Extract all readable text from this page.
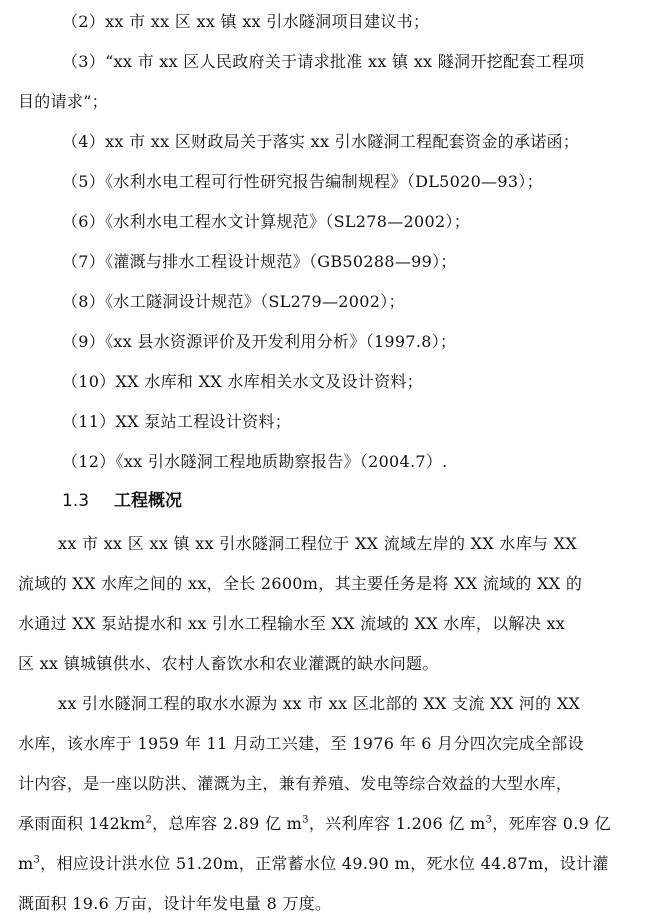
（2）xx 市 xx 区 xx 镇 xx 引水隧洞项目建议书；
（3）“xx 市 xx 区人民政府关于请求批准 xx 镇 xx 隧洞开挖配套工程项
目的请求”；
（4）xx 市 xx 区财政局关于落实 xx 引水隧洞工程配套资金的承诺函；
（5）《水利水电工程可行性研究报告编制规程》（DL5020—93）；
（6）《水利水电工程水文计算规范》（SL278—2002）；
（7）《灌溉与排水工程设计规范》（GB50288—99）；
（8）《水工隧洞设计规范》（SL279—2002）；
（9）《xx 县水资源评价及开发利用分析》（1997.8）；
（10）XX 水库和 XX 水库相关水文及设计资料；
（11）XX 泵站工程设计资料；
（12）《xx 引水隧洞工程地质勘察报告》（2004.7）.
1.3 工程概况
xx 市 xx 区 xx 镇 xx 引水隧洞工程位于 XX 流域左岸的 XX 水库与 XX
流域的 XX 水库之间的 xx，全长 2600m，其主要任务是将 XX 流域的 XX 的
水通过 XX 泵站提水和 xx 引水工程输水至 XX 流域的 XX 水库，以解决 xx
区 xx 镇城镇供水、农村人畜饮水和农业灌溉的缺水问题。
xx 引水隧洞工程的取水水源为 xx 市 xx 区北部的 XX 支流 XX 河的 XX
水库，该水库于 1959 年 11 月动工兴建，至 1976 年 6 月分四次完成全部设
计内容，是一座以防洪、灌溉为主，兼有养殖、发电等综合效益的大型水库，
承雨面积 $142km^2$，总库容 2.89 亿 $m^3$，兴利库容 1.206 亿 $m^3$，死库容 0.9 亿
$m^3$，相应设计洪水位 51.20m，正常蓄水位 49.90 m，死水位 44.87m，设计灌
溉面积 19.6 万亩，设计年发电量 8 万度。
